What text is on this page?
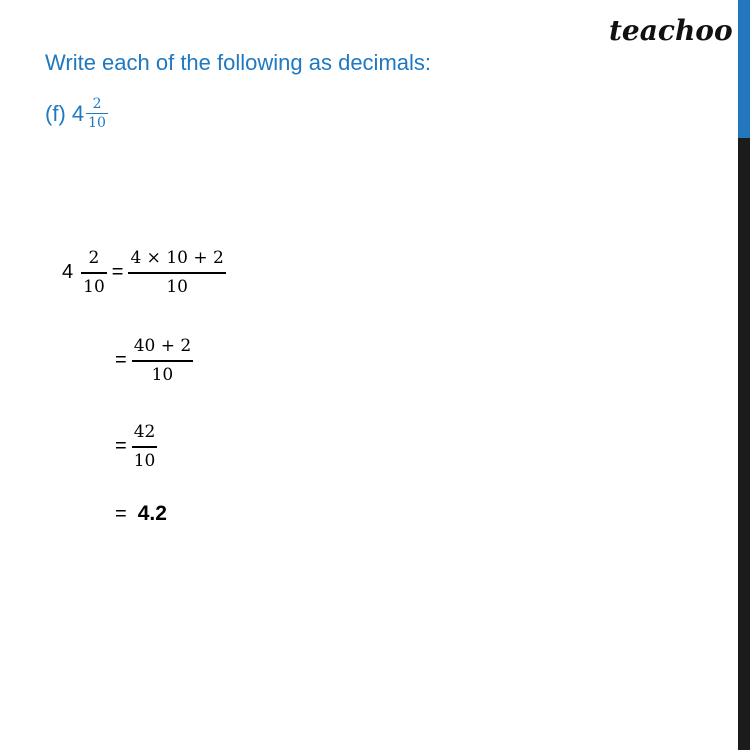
teachoo
Write each of the following as decimals:
(f) $4 \frac{2}{10}$
$4 \frac{2}{10} = \frac{4 \times 10 + 2}{10}$
= $\frac{40 + 2}{10}$
= $\frac{42}{10}$
= 4.2
